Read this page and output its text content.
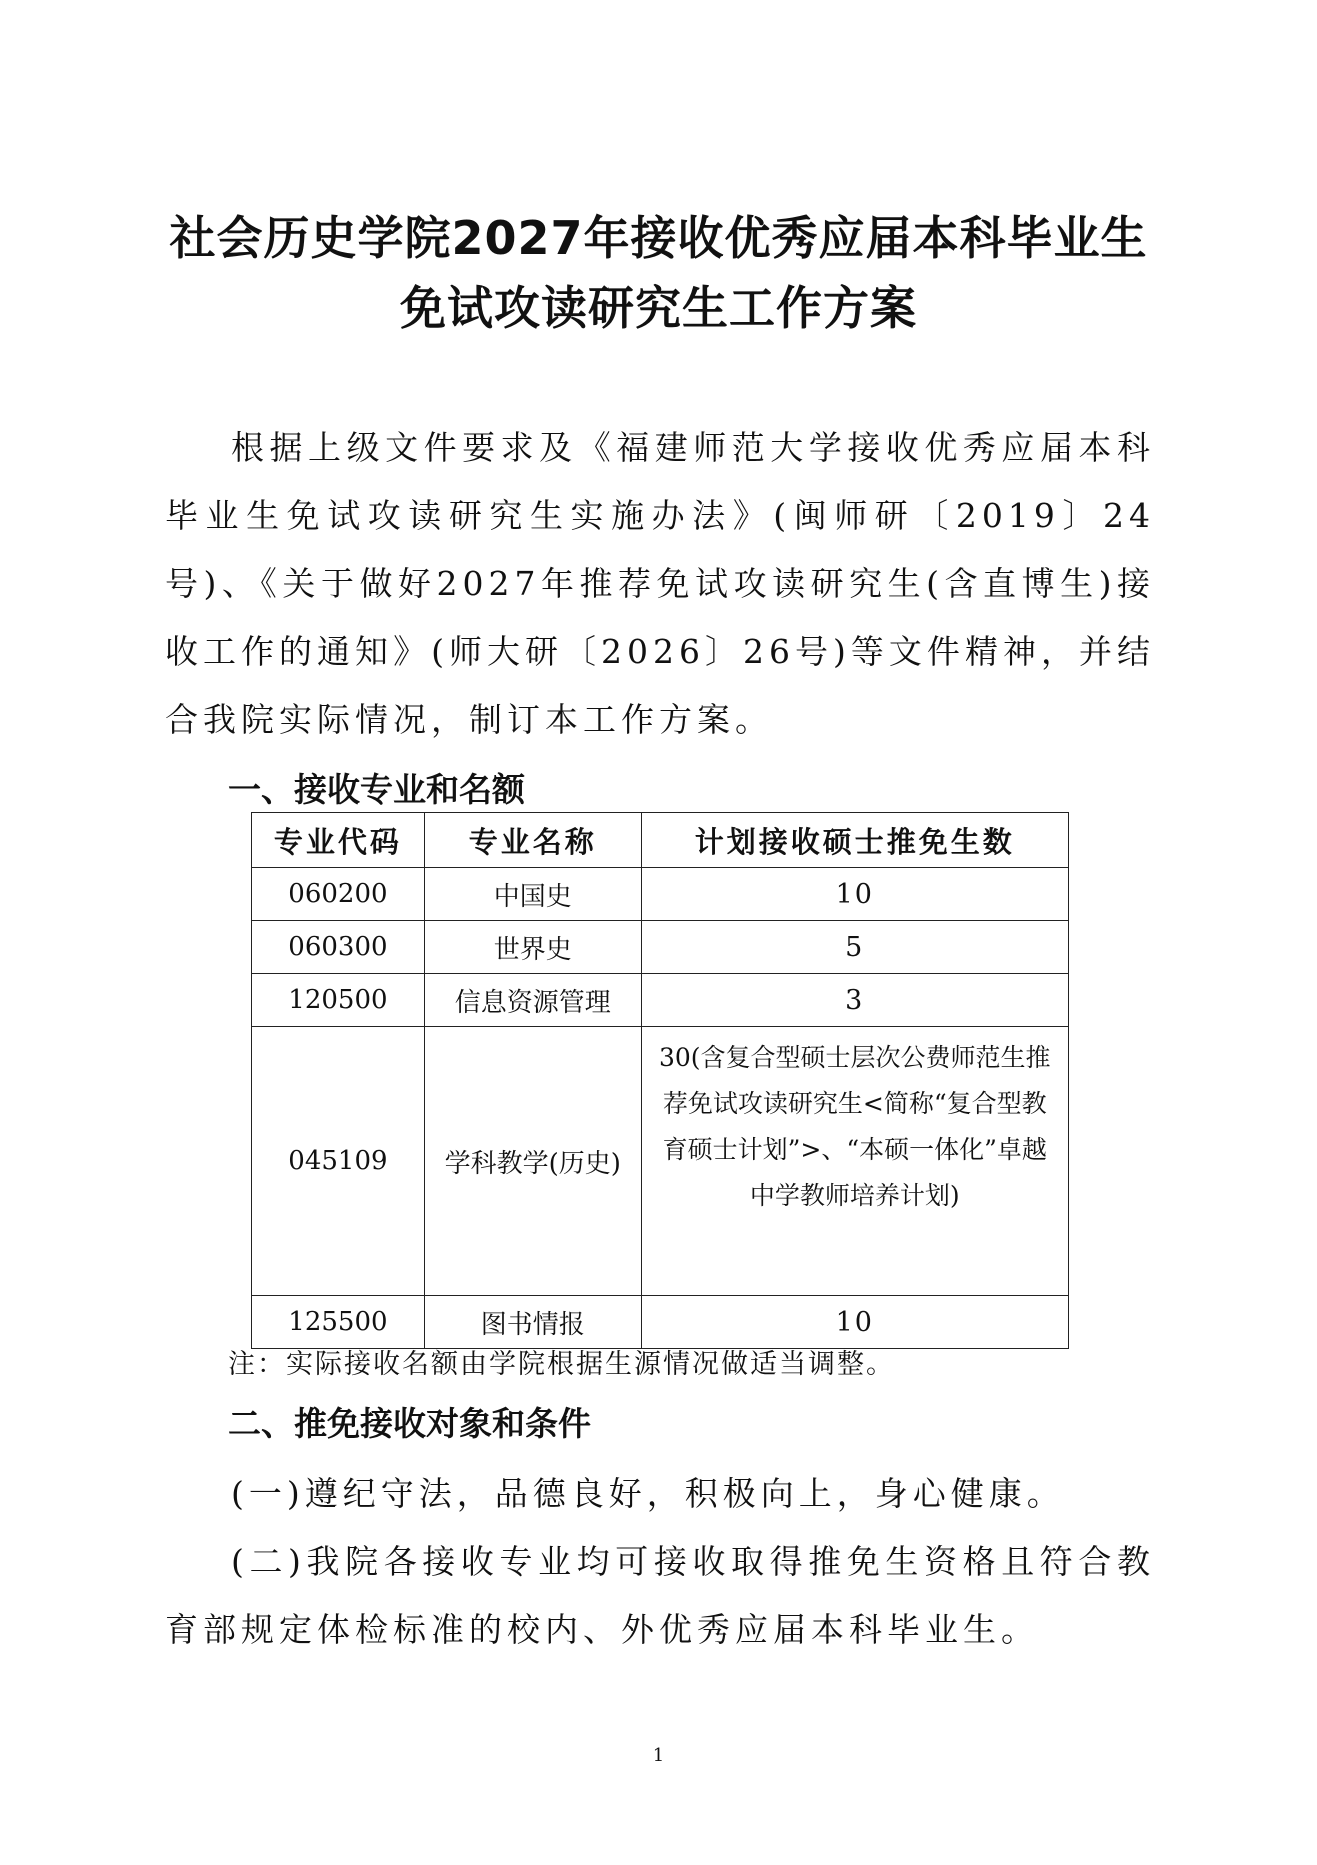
社会历史学院2027年接收优秀应届本科毕业生
免试攻读研究生工作方案

根据上级文件要求及《福建师范大学接收优秀应届本科毕业生免试攻读研究生实施办法》(闽师研〔2019〕24号)、《关于做好2027年推荐免试攻读研究生(含直博生)接收工作的通知》(师大研〔2026〕26号)等文件精神，并结合我院实际情况，制订本工作方案。

一、接收专业和名额
专业代码	专业名称	计划接收硕士推免生数
060200	中国史	10
060300	世界史	5
120500	信息资源管理	3
045109	学科教学(历史)	30(含复合型硕士层次公费师范生推荐免试攻读研究生<简称“复合型教育硕士计划”>、“本硕一体化”卓越中学教师培养计划)
125500	图书情报	10

注：实际接收名额由学院根据生源情况做适当调整。

二、推免接收对象和条件

(一)遵纪守法，品德良好，积极向上，身心健康。

(二)我院各接收专业均可接收取得推免生资格且符合教育部规定体检标准的校内、外优秀应届本科毕业生。

1
